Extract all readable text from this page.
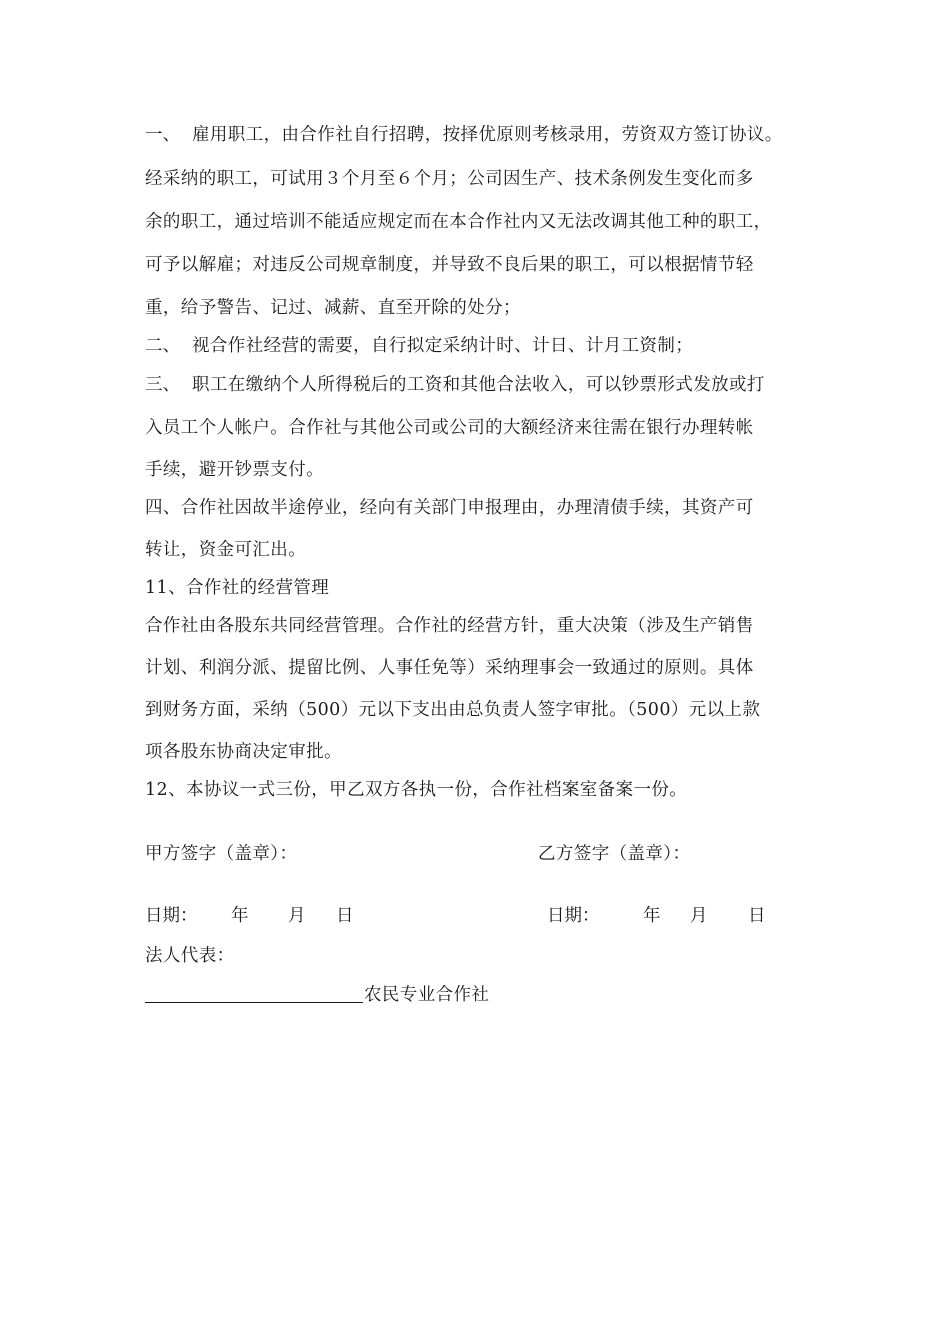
一、 雇用职工，由合作社自行招聘，按择优原则考核录用，劳资双方签订协议。
经采纳的职工，可试用３个月至６个月；公司因生产、技术条例发生变化而多
余的职工，通过培训不能适应规定而在本合作社内又无法改调其他工种的职工，
可予以解雇；对违反公司规章制度，并导致不良后果的职工，可以根据情节轻
重，给予警告、记过、减薪、直至开除的处分；
二、 视合作社经营的需要，自行拟定采纳计时、计日、计月工资制；
三、 职工在缴纳个人所得税后的工资和其他合法收入，可以钞票形式发放或打
入员工个人帐户。合作社与其他公司或公司的大额经济来往需在银行办理转帐
手续，避开钞票支付。
四、合作社因故半途停业，经向有关部门申报理由，办理清债手续，其资产可
转让，资金可汇出。
11、合作社的经营管理
合作社由各股东共同经营管理。合作社的经营方针，重大决策（涉及生产销售
计划、利润分派、提留比例、人事任免等）采纳理事会一致通过的原则。具体
到财务方面，采纳（500）元以下支出由总负责人签字审批。（500）元以上款
项各股东协商决定审批。
12、本协议一式三份，甲乙双方各执一份，合作社档案室备案一份。
甲方签字（盖章）：	乙方签字（盖章）：
日期： 年 月 日	日期： 年 月 日
法人代表：
农民专业合作社
